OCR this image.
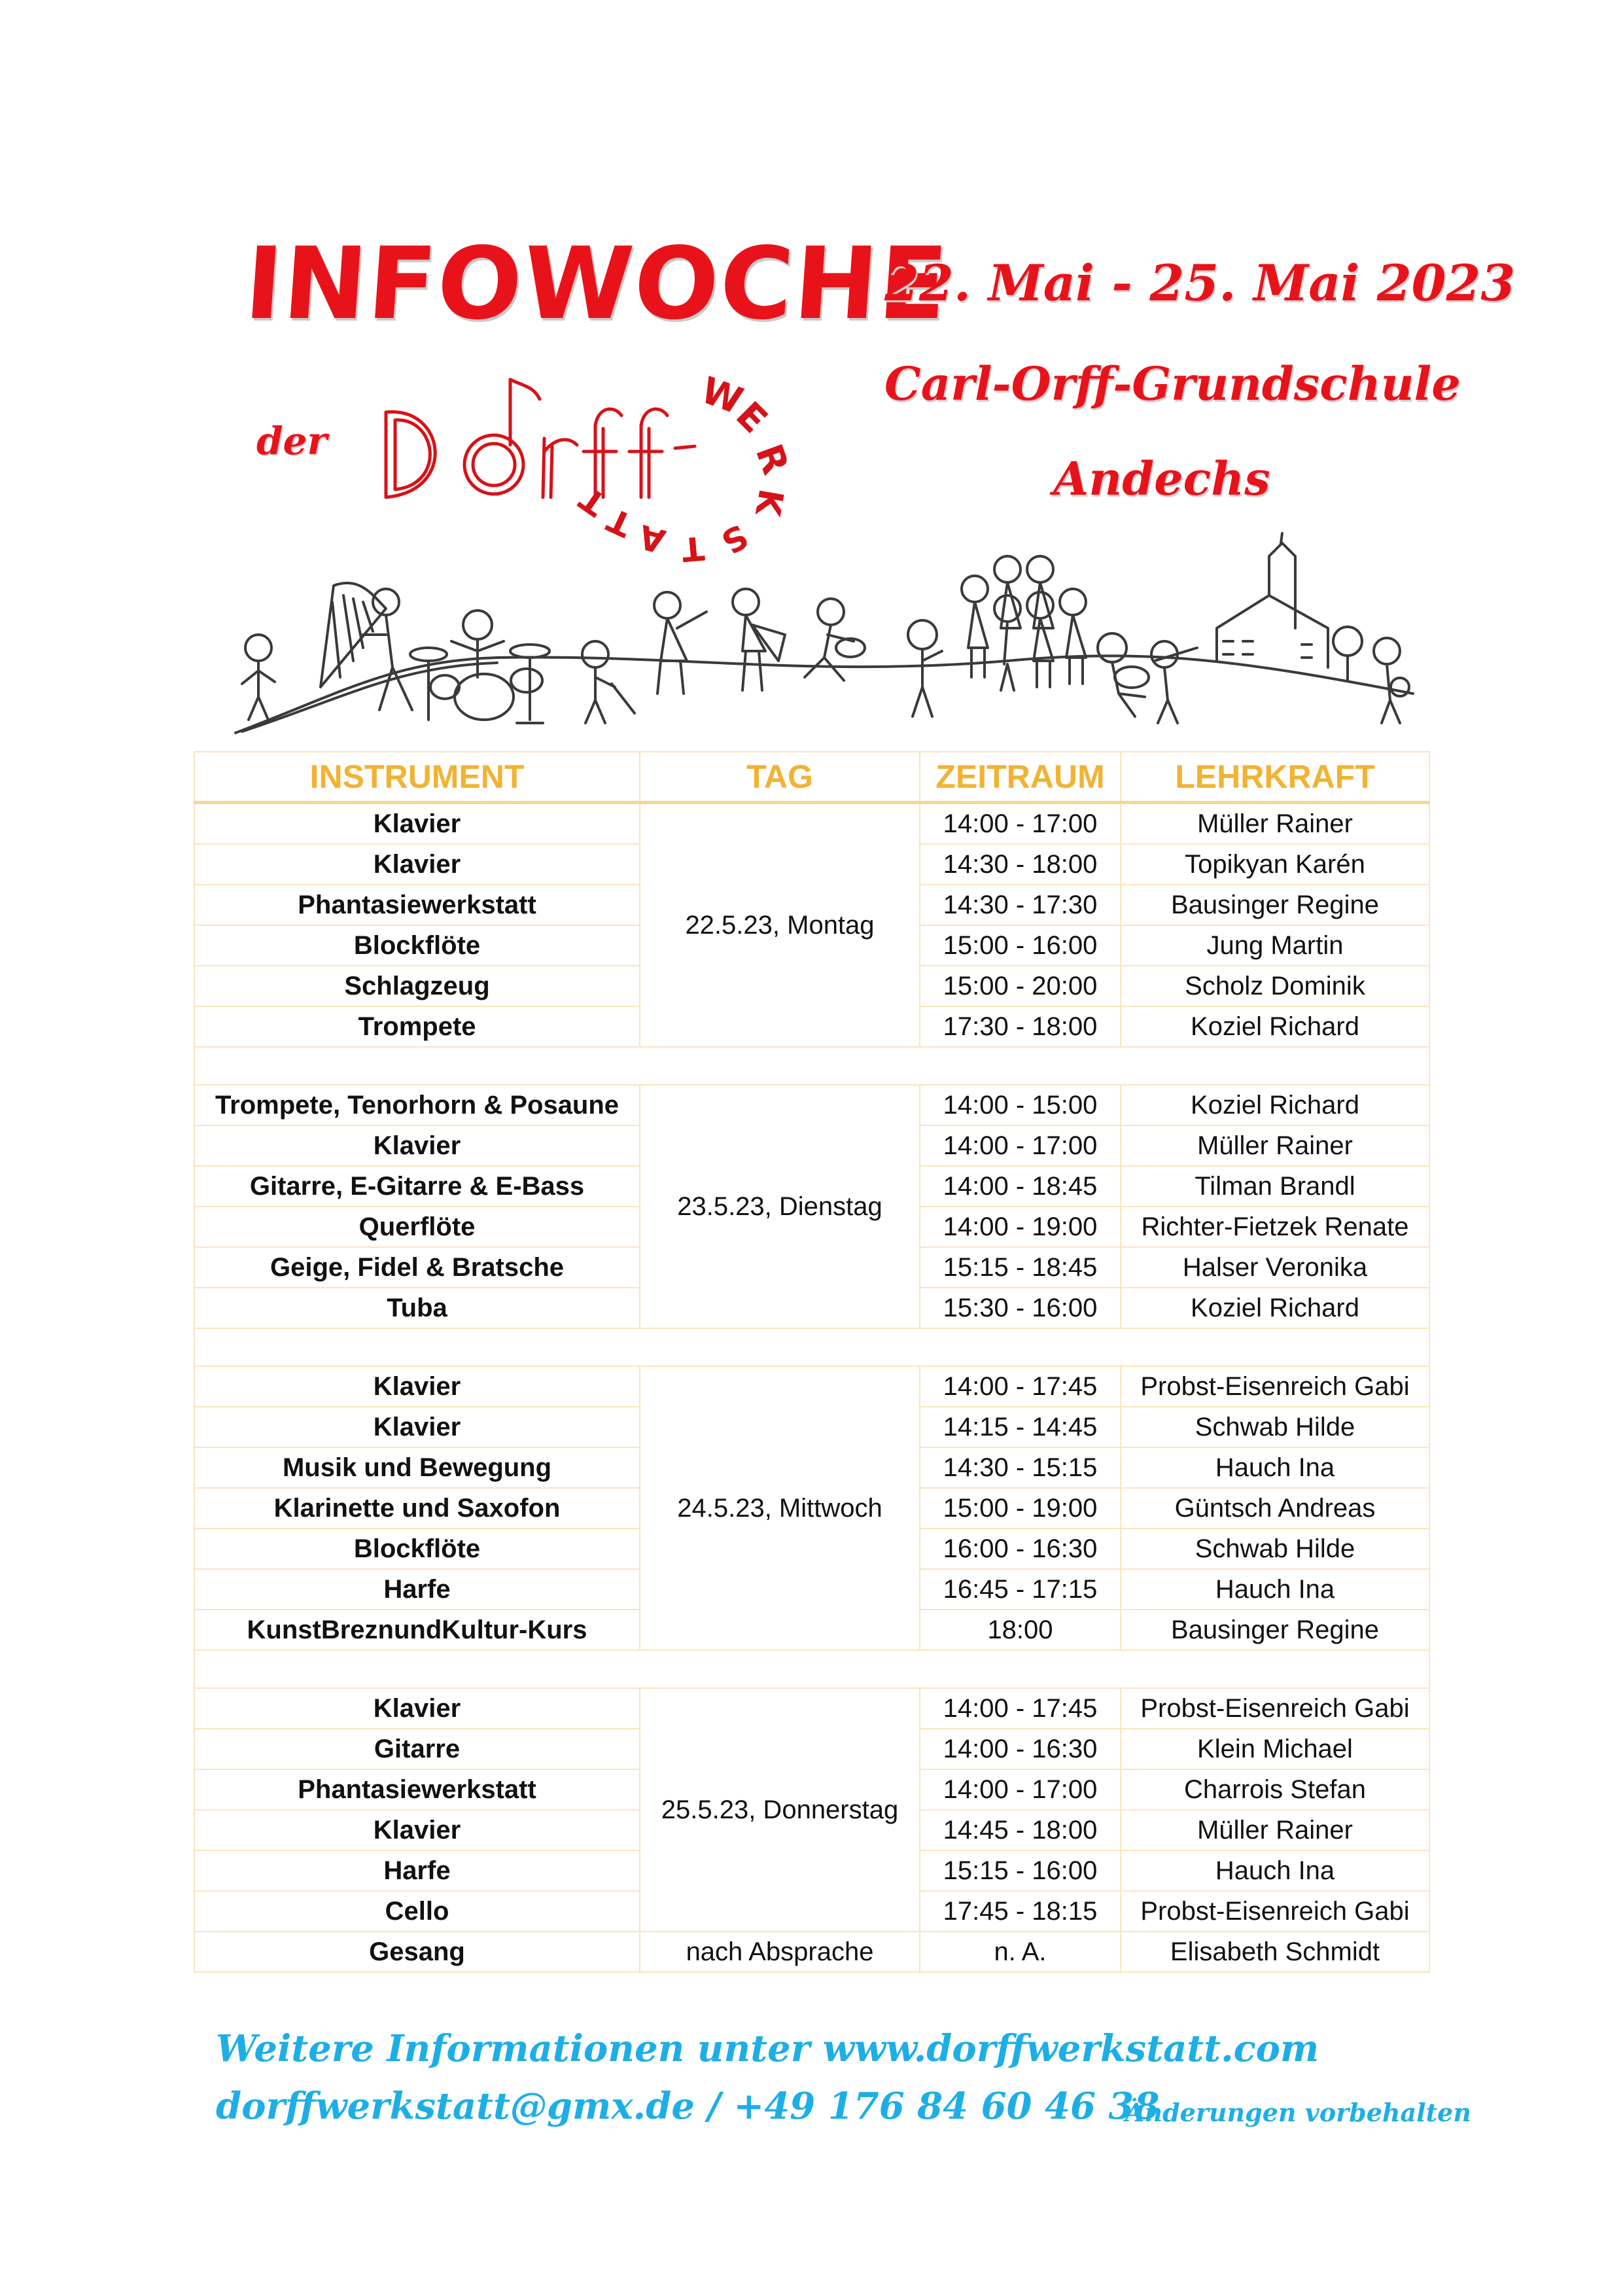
INFOWOCHE
22. Mai - 25. Mai 2023
Carl-Orff-Grundschule
Andechs
der
W
E
R
K
S
T
A
T
T
INSTRUMENT	TAG	ZEITRAUM	LEHRKRAFT
Klavier	22.5.23, Montag	14:00 - 17:00	Müller Rainer
Klavier		14:30 - 18:00	Topikyan Karén
Phantasiewerkstatt		14:30 - 17:30	Bausinger Regine
Blockflöte		15:00 - 16:00	Jung Martin
Schlagzeug		15:00 - 20:00	Scholz Dominik
Trompete		17:30 - 18:00	Koziel Richard

Trompete, Tenorhorn & Posaune	23.5.23, Dienstag	14:00 - 15:00	Koziel Richard
Klavier		14:00 - 17:00	Müller Rainer
Gitarre, E-Gitarre & E-Bass		14:00 - 18:45	Tilman Brandl
Querflöte		14:00 - 19:00	Richter-Fietzek Renate
Geige, Fidel & Bratsche		15:15 - 18:45	Halser Veronika
Tuba		15:30 - 16:00	Koziel Richard

Klavier	24.5.23, Mittwoch	14:00 - 17:45	Probst-Eisenreich Gabi
Klavier		14:15 - 14:45	Schwab Hilde
Musik und Bewegung		14:30 - 15:15	Hauch Ina
Klarinette und Saxofon		15:00 - 19:00	Güntsch Andreas
Blockflöte		16:00 - 16:30	Schwab Hilde
Harfe		16:45 - 17:15	Hauch Ina
KunstBreznundKultur-Kurs		18:00	Bausinger Regine

Klavier	25.5.23, Donnerstag	14:00 - 17:45	Probst-Eisenreich Gabi
Gitarre		14:00 - 16:30	Klein Michael
Phantasiewerkstatt		14:00 - 17:00	Charrois Stefan
Klavier		14:45 - 18:00	Müller Rainer
Harfe		15:15 - 16:00	Hauch Ina
Cello		17:45 - 18:15	Probst-Eisenreich Gabi
Gesang	nach Absprache	n. A.	Elisabeth Schmidt
Weitere Informationen unter www.dorffwerkstatt.com
dorffwerkstatt@gmx.de / +49 176 84 60 46 38
Änderungen vorbehalten
